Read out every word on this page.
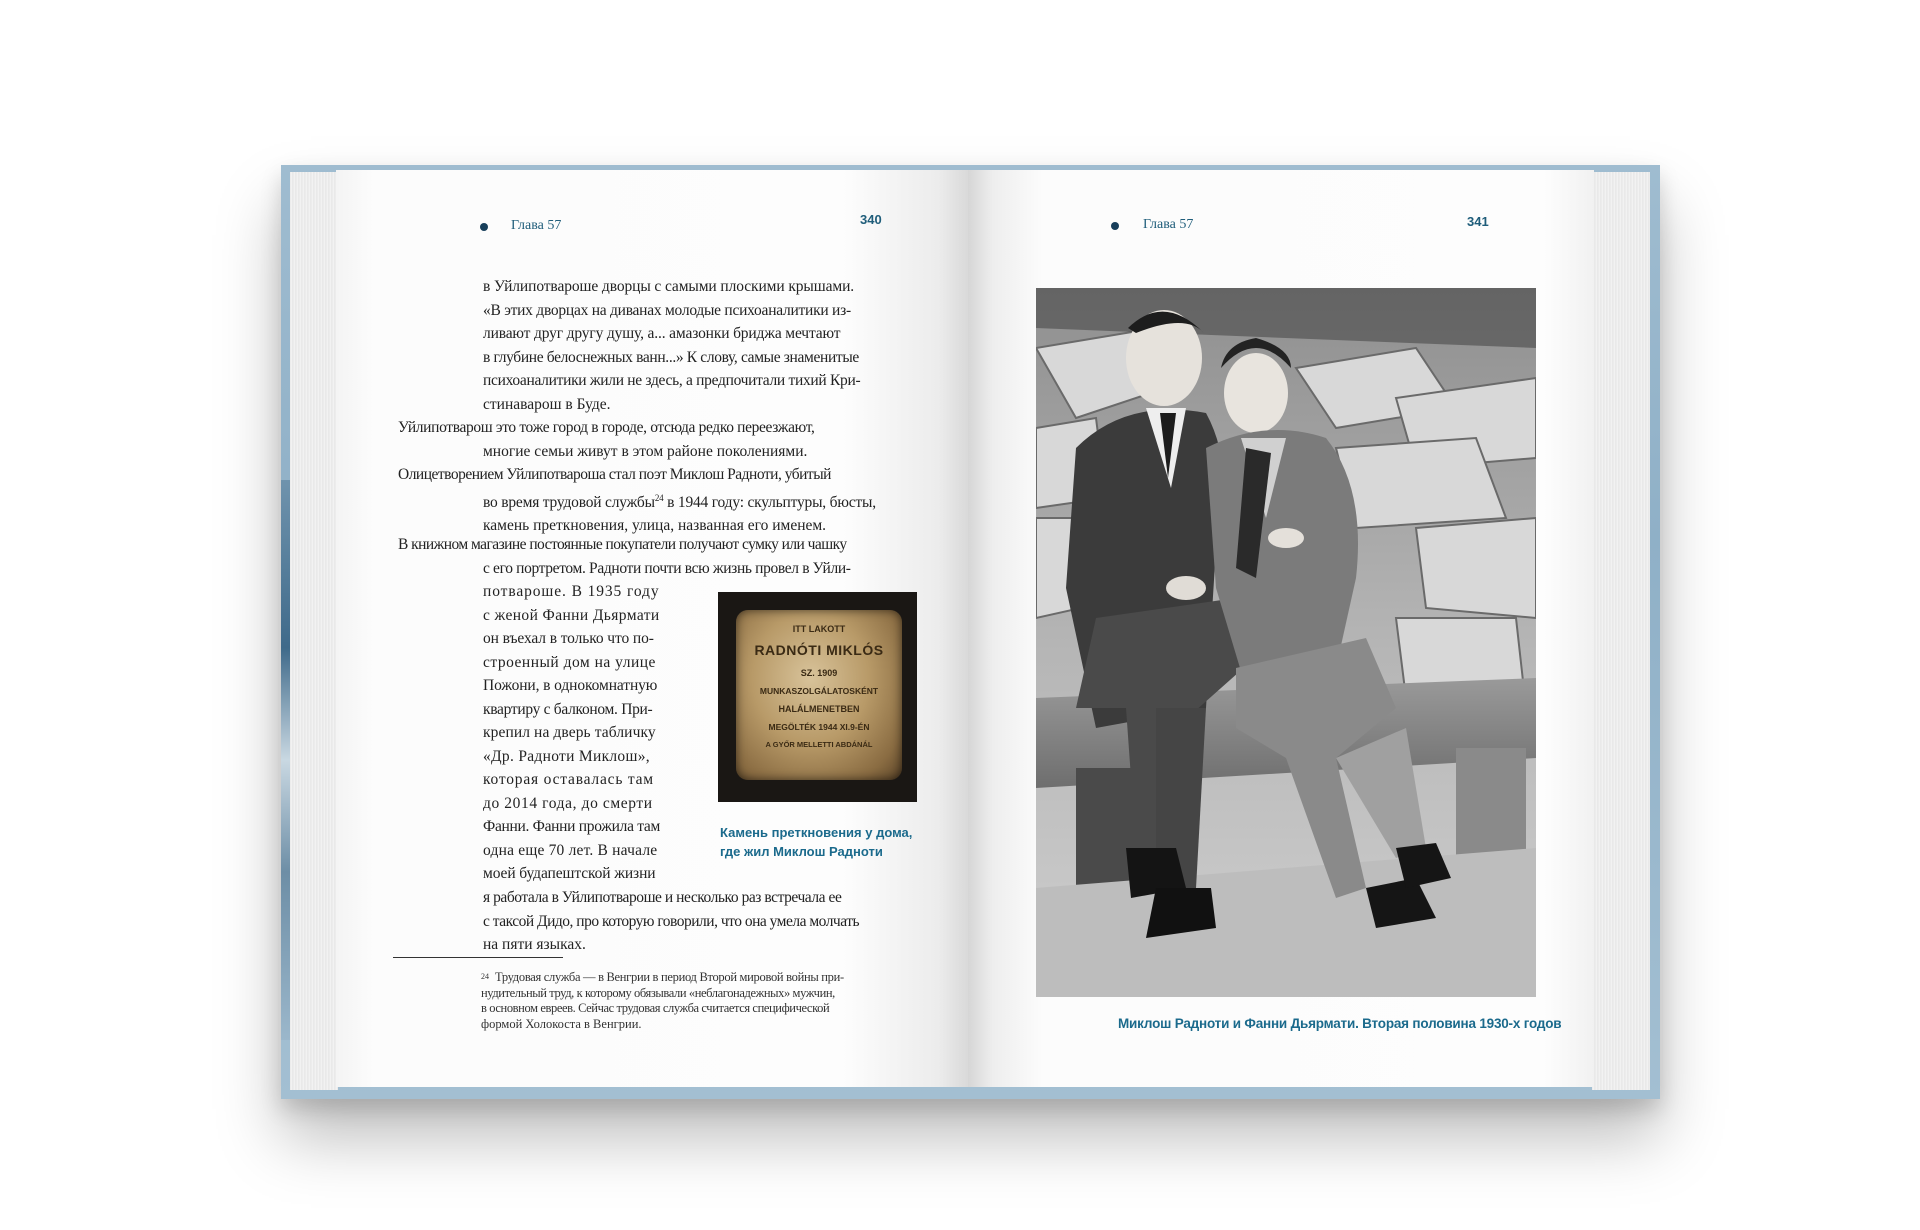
Глава 57	340
в Уйлипотвароше дворцы с самыми плоскими крышами.
«В этих дворцах на диванах молодые психоаналитики из-
ливают друг другу душу, а... амазонки бриджа мечтают
в глубине белоснежных ванн...» К слову, самые знаменитые
психоаналитики жили не здесь, а предпочитали тихий Кри-
стинаварош в Буде.
Уйлипотварош это тоже город в городе, отсюда редко переезжают,
многие семьи живут в этом районе поколениями.
Олицетворением Уйлипотвароша стал поэт Миклош Радноти, убитый
во время трудовой службы$^{24}$ в 1944 году: скульптуры, бюсты,
камень преткновения, улица, названная его именем.
В книжном магазине постоянные покупатели получают сумку или чашку
с его портретом. Радноти почти всю жизнь провел в Уйли-
потвароше. В 1935 году
с женой Фанни Дьярмати
он въехал в только что по-
строенный дом на улице
Пожони, в однокомнатную
квартиру с балконом. При-
крепил на дверь табличку
«Др. Радноти Миклош»,
которая оставалась там
до 2014 года, до смерти
Фанни. Фанни прожила там
одна еще 70 лет. В начале
моей будапештской жизни
я работала в Уйлипотвароше и несколько раз встречала ее
с таксой Дидо, про которую говорили, что она умела молчать
на пяти языках.
ITT LAKOTT
RADNÓTI MIKLÓS
SZ. 1909
MUNKASZOLGÁLATOSKÉNT
HALÁLMENETBEN
MEGÖLTÉK 1944 XI.9-ÉN
A GYŐR MELLETTI ABDÁNÁL
Камень преткновения у дома,
где жил Миклош Радноти
24 Трудовая служба — в Венгрии в период Второй мировой войны при-
нудительный труд, к которому обязывали «неблагонадежных» мужчин,
в основном евреев. Сейчас трудовая служба считается специфической
формой Холокоста в Венгрии.
Глава 57	341
Миклош Радноти и Фанни Дьярмати. Вторая половина 1930-х годов
